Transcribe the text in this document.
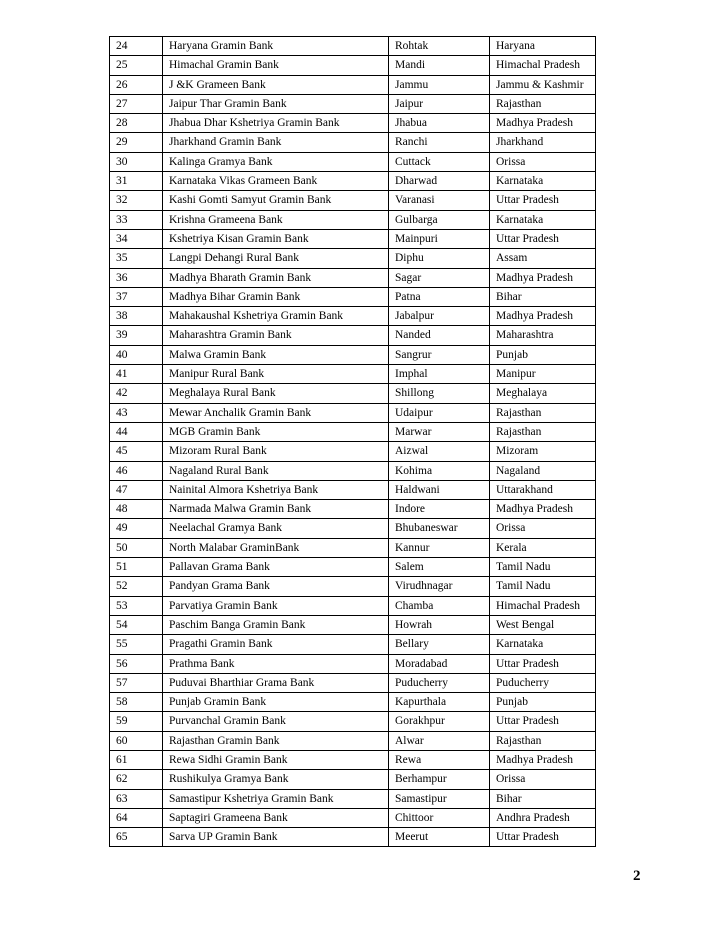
24	Haryana Gramin Bank	Rohtak	Haryana
25	Himachal Gramin Bank	Mandi	Himachal Pradesh
26	J &K Grameen Bank	Jammu	Jammu & Kashmir
27	Jaipur Thar Gramin Bank	Jaipur	Rajasthan
28	Jhabua Dhar Kshetriya Gramin Bank	Jhabua	Madhya Pradesh
29	Jharkhand Gramin Bank	Ranchi	Jharkhand
30	Kalinga Gramya Bank	Cuttack	Orissa
31	Karnataka Vikas Grameen Bank	Dharwad	Karnataka
32	Kashi Gomti Samyut Gramin Bank	Varanasi	Uttar Pradesh
33	Krishna Grameena Bank	Gulbarga	Karnataka
34	Kshetriya Kisan Gramin Bank	Mainpuri	Uttar Pradesh
35	Langpi Dehangi Rural Bank	Diphu	Assam
36	Madhya Bharath Gramin Bank	Sagar	Madhya Pradesh
37	Madhya Bihar Gramin Bank	Patna	Bihar
38	Mahakaushal Kshetriya Gramin Bank	Jabalpur	Madhya Pradesh
39	Maharashtra Gramin Bank	Nanded	Maharashtra
40	Malwa Gramin Bank	Sangrur	Punjab
41	Manipur Rural Bank	Imphal	Manipur
42	Meghalaya Rural Bank	Shillong	Meghalaya
43	Mewar Anchalik Gramin Bank	Udaipur	Rajasthan
44	MGB Gramin Bank	Marwar	Rajasthan
45	Mizoram Rural Bank	Aizwal	Mizoram
46	Nagaland Rural Bank	Kohima	Nagaland
47	Nainital Almora Kshetriya Bank	Haldwani	Uttarakhand
48	Narmada Malwa Gramin Bank	Indore	Madhya Pradesh
49	Neelachal Gramya Bank	Bhubaneswar	Orissa
50	North Malabar GraminBank	Kannur	Kerala
51	Pallavan Grama Bank	Salem	Tamil Nadu
52	Pandyan Grama Bank	Virudhnagar	Tamil Nadu
53	Parvatiya Gramin Bank	Chamba	Himachal Pradesh
54	Paschim Banga Gramin Bank	Howrah	West Bengal
55	Pragathi Gramin Bank	Bellary	Karnataka
56	Prathma Bank	Moradabad	Uttar Pradesh
57	Puduvai Bharthiar Grama Bank	Puducherry	Puducherry
58	Punjab Gramin Bank	Kapurthala	Punjab
59	Purvanchal Gramin Bank	Gorakhpur	Uttar Pradesh
60	Rajasthan Gramin Bank	Alwar	Rajasthan
61	Rewa Sidhi Gramin Bank	Rewa	Madhya Pradesh
62	Rushikulya Gramya Bank	Berhampur	Orissa
63	Samastipur Kshetriya Gramin Bank	Samastipur	Bihar
64	Saptagiri Grameena Bank	Chittoor	Andhra Pradesh
65	Sarva UP Gramin Bank	Meerut	Uttar Pradesh
2
